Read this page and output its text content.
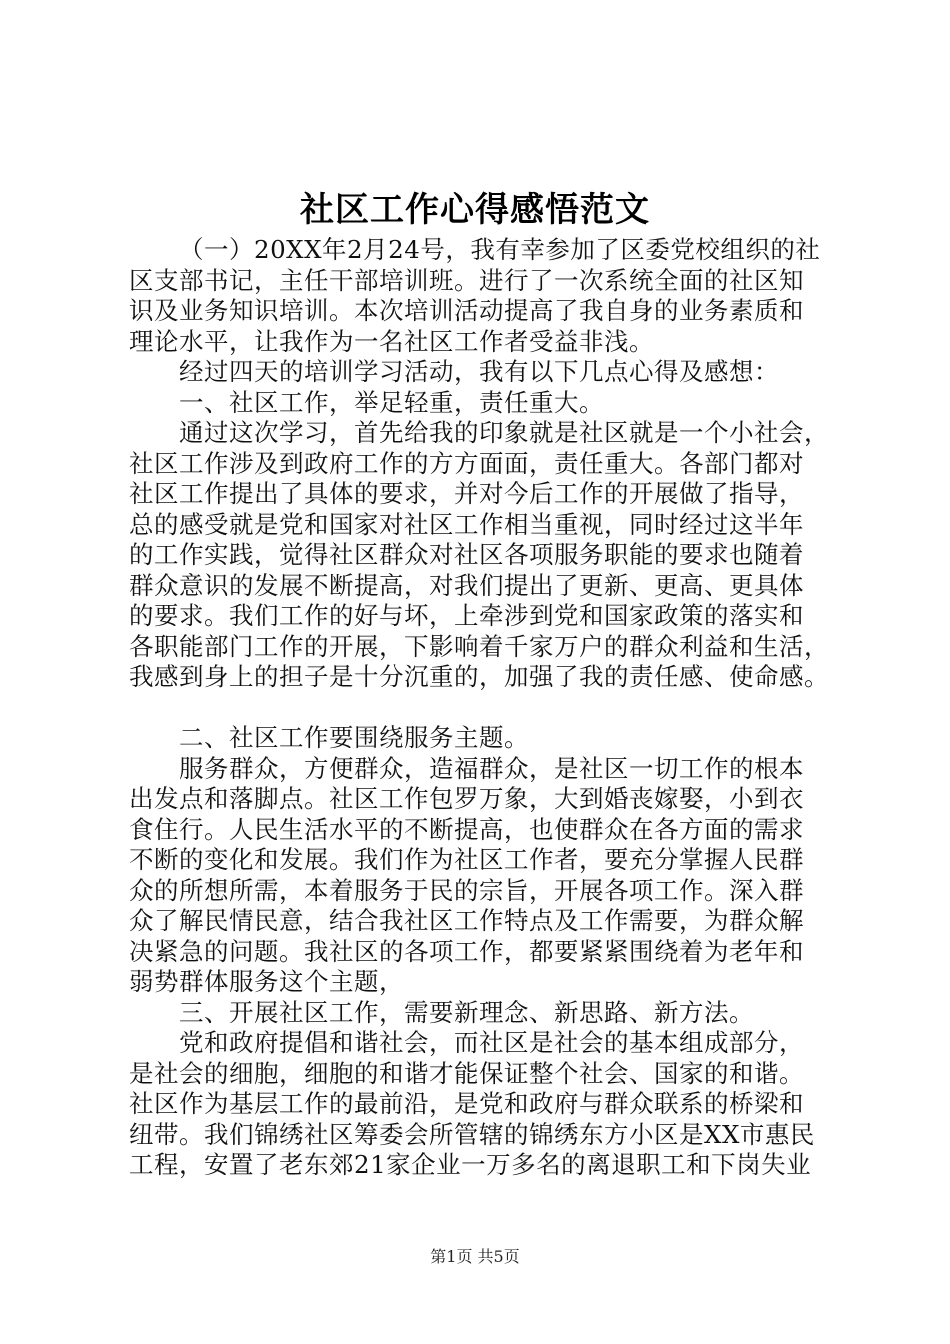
社区工作心得感悟范文
（一）20XX年2月24号，我有幸参加了区委党校组织的社
区支部书记，主任干部培训班。进行了一次系统全面的社区知
识及业务知识培训。本次培训活动提高了我自身的业务素质和
理论水平，让我作为一名社区工作者受益非浅。
经过四天的培训学习活动，我有以下几点心得及感想：
一、社区工作，举足轻重，责任重大。
通过这次学习，首先给我的印象就是社区就是一个小社会，
社区工作涉及到政府工作的方方面面，责任重大。各部门都对
社区工作提出了具体的要求，并对今后工作的开展做了指导，
总的感受就是党和国家对社区工作相当重视，同时经过这半年
的工作实践，觉得社区群众对社区各项服务职能的要求也随着
群众意识的发展不断提高，对我们提出了更新、更高、更具体
的要求。我们工作的好与坏，上牵涉到党和国家政策的落实和
各职能部门工作的开展，下影响着千家万户的群众利益和生活，
我感到身上的担子是十分沉重的，加强了我的责任感、使命感。
二、社区工作要围绕服务主题。
服务群众，方便群众，造福群众，是社区一切工作的根本
出发点和落脚点。社区工作包罗万象，大到婚丧嫁娶，小到衣
食住行。人民生活水平的不断提高，也使群众在各方面的需求
不断的变化和发展。我们作为社区工作者，要充分掌握人民群
众的所想所需，本着服务于民的宗旨，开展各项工作。深入群
众了解民情民意，结合我社区工作特点及工作需要，为群众解
决紧急的问题。我社区的各项工作，都要紧紧围绕着为老年和
弱势群体服务这个主题，
三、开展社区工作，需要新理念、新思路、新方法。
党和政府提倡和谐社会，而社区是社会的基本组成部分，
是社会的细胞，细胞的和谐才能保证整个社会、国家的和谐。
社区作为基层工作的最前沿，是党和政府与群众联系的桥梁和
纽带。我们锦绣社区筹委会所管辖的锦绣东方小区是XX市惠民
工程，安置了老东郊21家企业一万多名的离退职工和下岗失业
第1页 共5页
